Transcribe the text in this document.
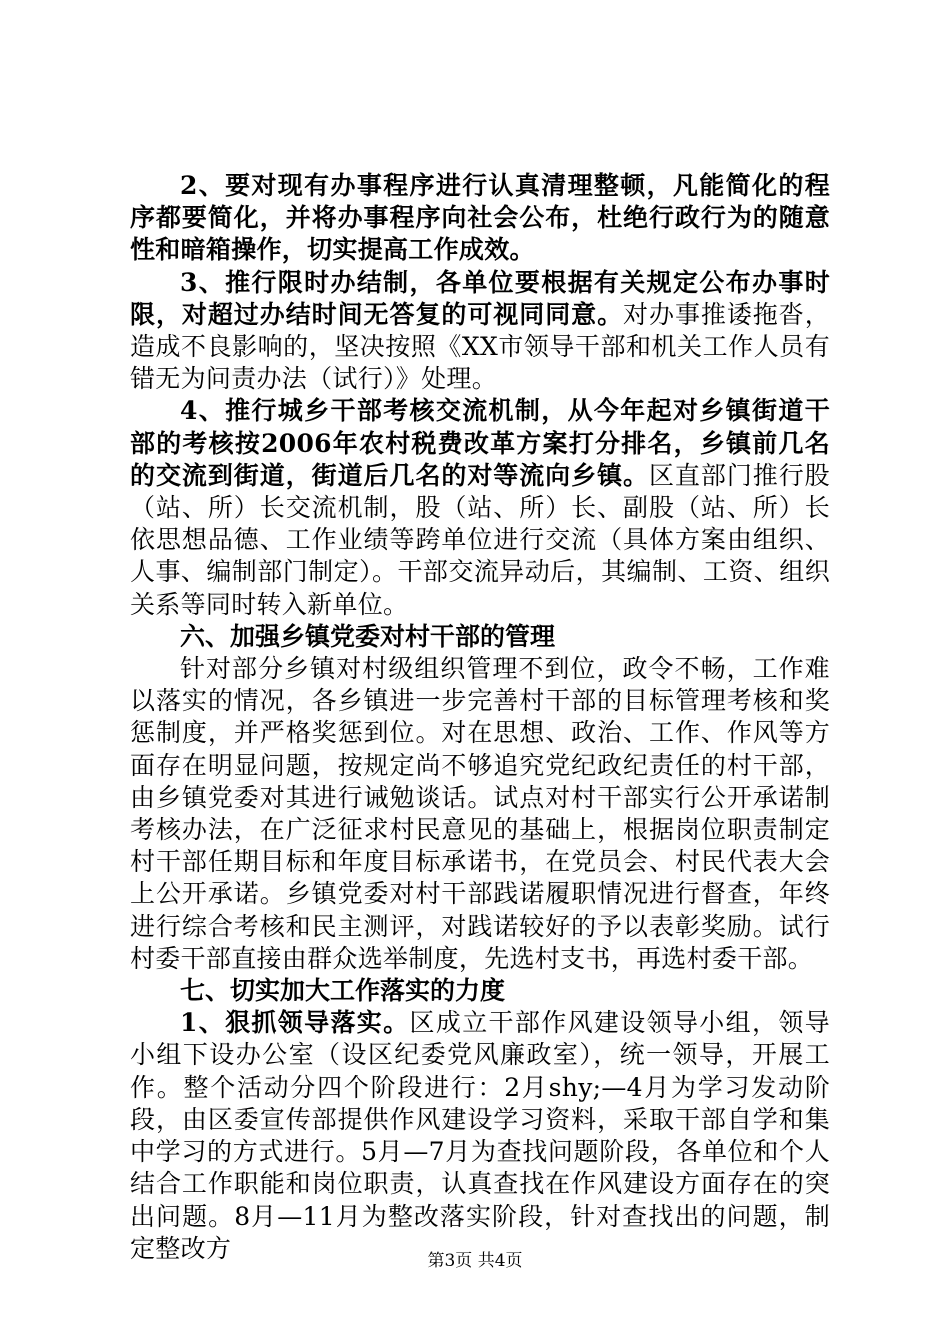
2、要对现有办事程序进行认真清理整顿，凡能简化的程序都要简化，并将办事程序向社会公布，杜绝行政行为的随意性和暗箱操作，切实提高工作成效。

3、推行限时办结制，各单位要根据有关规定公布办事时限，对超过办结时间无答复的可视同同意。对办事推诿拖沓，造成不良影响的，坚决按照《XX市领导干部和机关工作人员有错无为问责办法（试行）》处理。

4、推行城乡干部考核交流机制，从今年起对乡镇街道干部的考核按2006年农村税费改革方案打分排名，乡镇前几名的交流到街道，街道后几名的对等流向乡镇。区直部门推行股（站、所）长交流机制，股（站、所）长、副股（站、所）长依思想品德、工作业绩等跨单位进行交流（具体方案由组织、人事、编制部门制定）。干部交流异动后，其编制、工资、组织关系等同时转入新单位。

六、加强乡镇党委对村干部的管理

针对部分乡镇对村级组织管理不到位，政令不畅，工作难以落实的情况，各乡镇进一步完善村干部的目标管理考核和奖惩制度，并严格奖惩到位。对在思想、政治、工作、作风等方面存在明显问题，按规定尚不够追究党纪政纪责任的村干部，由乡镇党委对其进行诫勉谈话。试点对村干部实行公开承诺制考核办法，在广泛征求村民意见的基础上，根据岗位职责制定村干部任期目标和年度目标承诺书，在党员会、村民代表大会上公开承诺。乡镇党委对村干部践诺履职情况进行督查，年终进行综合考核和民主测评，对践诺较好的予以表彰奖励。试行村委干部直接由群众选举制度，先选村支书，再选村委干部。

七、切实加大工作落实的力度

1、狠抓领导落实。区成立干部作风建设领导小组，领导小组下设办公室（设区纪委党风廉政室），统一领导，开展工作。整个活动分四个阶段进行：2月shy;—4月为学习发动阶段，由区委宣传部提供作风建设学习资料，采取干部自学和集中学习的方式进行。5月—7月为查找问题阶段，各单位和个人结合工作职能和岗位职责，认真查找在作风建设方面存在的突出问题。8月—11月为整改落实阶段，针对查找出的问题，制定整改方	第3页 共4页
